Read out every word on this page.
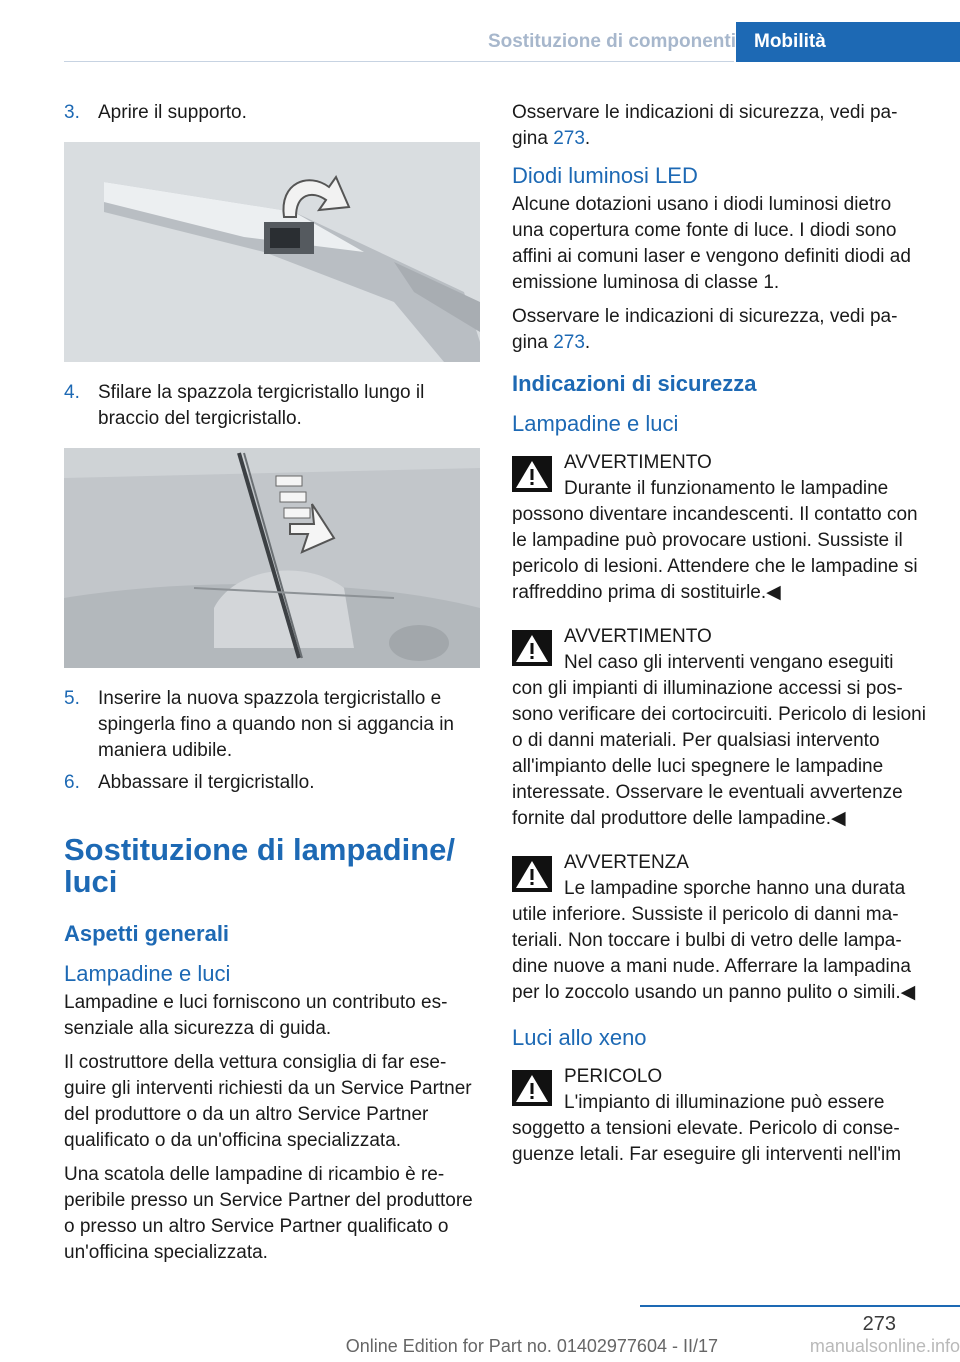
Sostituzione di componenti Mobilità
3. Aprire il supporto.
4. Sfilare la spazzola tergicristallo lungo il braccio del tergicristallo.
5. Inserire la nuova spazzola tergicristallo e spingerla fino a quando non si aggancia in maniera udibile.
6. Abbassare il tergicristallo.
Sostituzione di lampadine/ luci
Aspetti generali
Lampadine e luci

Lampadine e luci forniscono un contributo essenziale alla sicurezza di guida.

Il costruttore della vettura consiglia di far eseguire gli interventi richiesti da un Service Partner del produttore o da un altro Service Partner qualificato o da un'officina specializzata.

Una scatola delle lampadine di ricambio è reperibile presso un Service Partner del produttore o presso un altro Service Partner qualificato o un'officina specializzata.

Osservare le indicazioni di sicurezza, vedi pagina 273.

Diodi luminosi LED

Alcune dotazioni usano i diodi luminosi dietro una copertura come fonte di luce. I diodi sono affini ai comuni laser e vengono definiti diodi ad emissione luminosa di classe 1.

Osservare le indicazioni di sicurezza, vedi pagina 273.

Indicazioni di sicurezza
Lampadine e luci
AVVERTIMENTO
Durante il funzionamento le lampadine possono diventare incandescenti. Il contatto con le lampadine può provocare ustioni. Sussiste il pericolo di lesioni. Attendere che le lampadine si raffreddino prima di sostituirle.◀
AVVERTIMENTO
Nel caso gli interventi vengano eseguiti con gli impianti di illuminazione accessi si possono verificare dei cortocircuiti. Pericolo di lesioni o di danni materiali. Per qualsiasi intervento all'impianto delle luci spegnere le lampadine interessate. Osservare le eventuali avvertenze fornite dal produttore delle lampadine.◀
AVVERTENZA
Le lampadine sporche hanno una durata utile inferiore. Sussiste il pericolo di danni materiali. Non toccare i bulbi di vetro delle lampadine nuove a mani nude. Afferrare la lampadina per lo zoccolo usando un panno pulito o simili.◀
Luci allo xeno
PERICOLO
L'impianto di illuminazione può essere soggetto a tensioni elevate. Pericolo di conseguenze letali. Far eseguire gli interventi nell'im
273
Online Edition for Part no. 01402977604 - II/17	manualsonline.info
